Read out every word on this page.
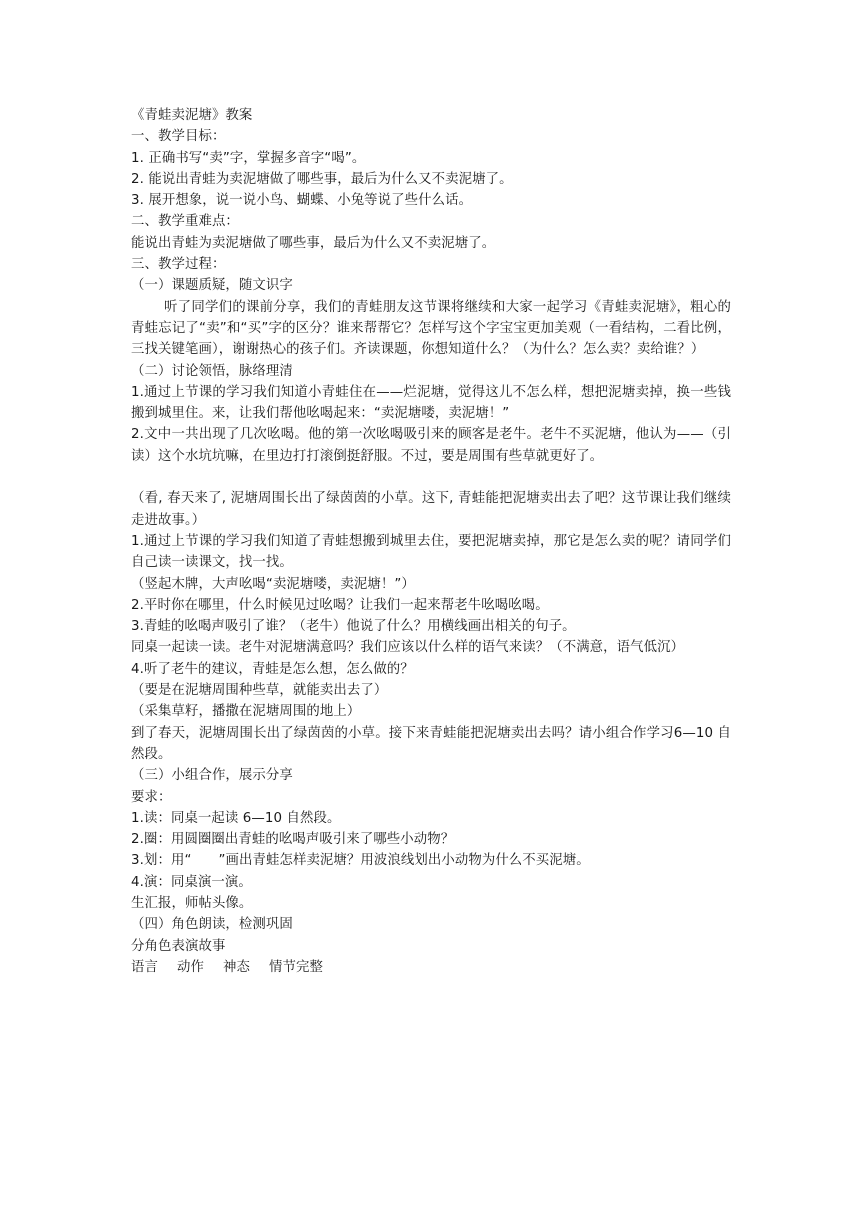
《青蛙卖泥塘》教案
一、教学目标：
1. 正确书写“卖”字，掌握多音字“喝”。
2. 能说出青蛙为卖泥塘做了哪些事，最后为什么又不卖泥塘了。
3. 展开想象，说一说小鸟、蝴蝶、小兔等说了些什么话。
二、教学重难点：
能说出青蛙为卖泥塘做了哪些事，最后为什么又不卖泥塘了。
三、教学过程：
（一）课题质疑，随文识字
听了同学们的课前分享，我们的青蛙朋友这节课将继续和大家一起学习《青蛙卖泥塘》，粗心的青蛙忘记了“卖”和“买”字的区分？谁来帮帮它？怎样写这个字宝宝更加美观（一看结构，二看比例，三找关键笔画），谢谢热心的孩子们。齐读课题，你想知道什么？（为什么？怎么卖？卖给谁？）
（二）讨论领悟，脉络理清
1.通过上节课的学习我们知道小青蛙住在——烂泥塘，觉得这儿不怎么样，想把泥塘卖掉，换一些钱搬到城里住。来，让我们帮他吆喝起来：“卖泥塘喽，卖泥塘！”
2.文中一共出现了几次吆喝。他的第一次吆喝吸引来的顾客是老牛。老牛不买泥塘，他认为——（引读）这个水坑坑嘛，在里边打打滚倒挺舒服。不过，要是周围有些草就更好了。
（看, 春天来了, 泥塘周围长出了绿茵茵的小草。这下, 青蛙能把泥塘卖出去了吧？这节课让我们继续走进故事。）
1.通过上节课的学习我们知道了青蛙想搬到城里去住，要把泥塘卖掉，那它是怎么卖的呢？请同学们自己读一读课文，找一找。
（竖起木牌，大声吆喝“卖泥塘喽，卖泥塘！”）
2.平时你在哪里，什么时候见过吆喝？让我们一起来帮老牛吆喝吆喝。
3.青蛙的吆喝声吸引了谁？（老牛）他说了什么？用横线画出相关的句子。
同桌一起读一读。老牛对泥塘满意吗？我们应该以什么样的语气来读？（不满意，语气低沉）
4.听了老牛的建议，青蛙是怎么想，怎么做的？
（要是在泥塘周围种些草，就能卖出去了）
（采集草籽，播撒在泥塘周围的地上）
到了春天，泥塘周围长出了绿茵茵的小草。接下来青蛙能把泥塘卖出去吗？请小组合作学习6—10 自然段。
（三）小组合作，展示分享
要求：
1.读：同桌一起读 6—10 自然段。
2.圈：用圆圈圈出青蛙的吆喝声吸引来了哪些小动物？
3.划：用“　　”画出青蛙怎样卖泥塘？用波浪线划出小动物为什么不买泥塘。
4.演：同桌演一演。
生汇报，师帖头像。
（四）角色朗读，检测巩固
分角色表演故事
语言 动作 神态 情节完整
